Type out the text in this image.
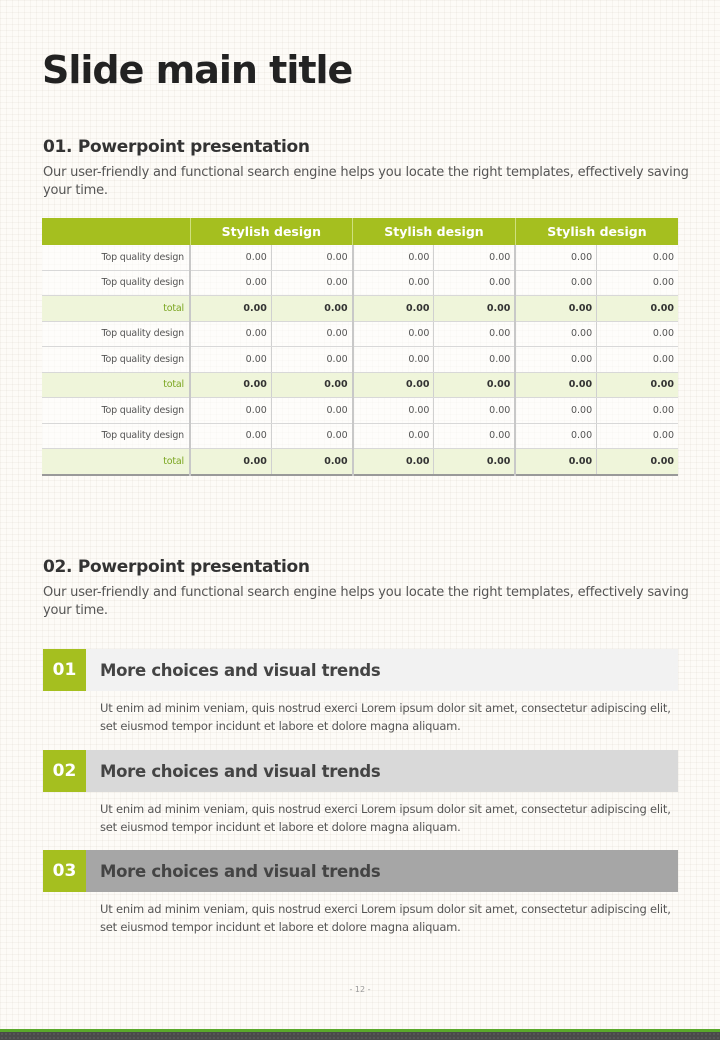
Slide main title
01. Powerpoint presentation

Our user-friendly and functional search engine helps you locate the right templates, effectively saving your time.

	Stylish design		Stylish design		Stylish design	
Top quality design	0.00	0.00	0.00	0.00	0.00	0.00
Top quality design	0.00	0.00	0.00	0.00	0.00	0.00
total	0.00	0.00	0.00	0.00	0.00	0.00
Top quality design	0.00	0.00	0.00	0.00	0.00	0.00
Top quality design	0.00	0.00	0.00	0.00	0.00	0.00
total	0.00	0.00	0.00	0.00	0.00	0.00
Top quality design	0.00	0.00	0.00	0.00	0.00	0.00
Top quality design	0.00	0.00	0.00	0.00	0.00	0.00
total	0.00	0.00	0.00	0.00	0.00	0.00
02. Powerpoint presentation

Our user-friendly and functional search engine helps you locate the right templates, effectively saving your time.

01	More choices and visual trends
Ut enim ad minim veniam, quis nostrud exerci Lorem ipsum dolor sit amet, consectetur adipiscing elit, set eiusmod tempor incidunt et labore et dolore magna aliquam.
02	More choices and visual trends
Ut enim ad minim veniam, quis nostrud exerci Lorem ipsum dolor sit amet, consectetur adipiscing elit, set eiusmod tempor incidunt et labore et dolore magna aliquam.
03	More choices and visual trends
Ut enim ad minim veniam, quis nostrud exerci Lorem ipsum dolor sit amet, consectetur adipiscing elit, set eiusmod tempor incidunt et labore et dolore magna aliquam.
- 12 -
